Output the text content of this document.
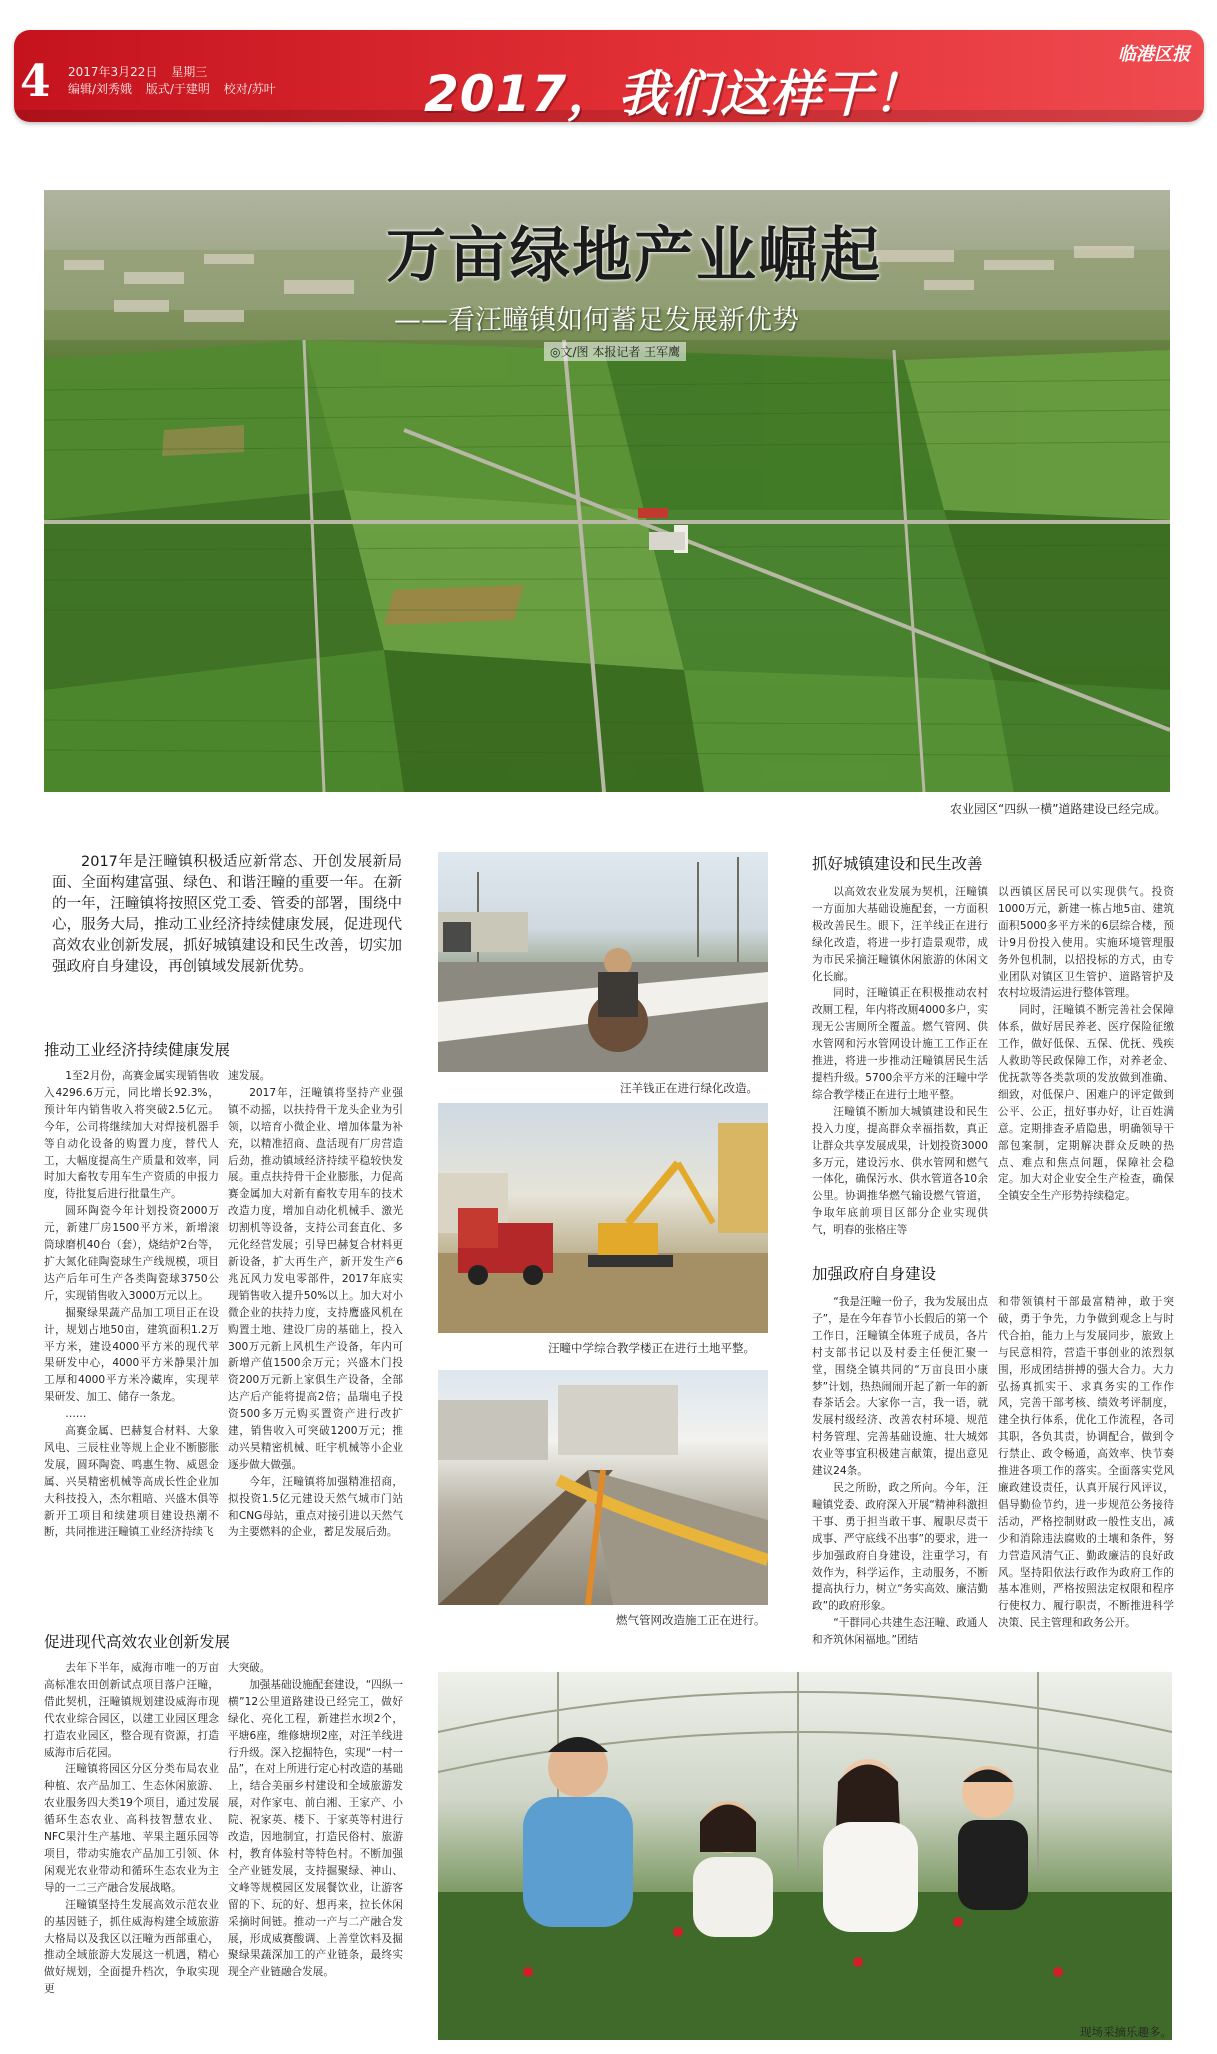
4 2017年3月22日 星期三
编辑/刘秀娥 版式/于建明 校对/苏叶	2017，我们这样干！
临港区报
万亩绿地产业崛起
——看汪疃镇如何蓄足发展新优势
◎文/图 本报记者 王军鹰
农业园区“四纵一横”道路建设已经完成。
2017年是汪疃镇积极适应新常态、开创发展新局面、全面构建富强、绿色、和谐汪疃的重要一年。在新的一年，汪疃镇将按照区党工委、管委的部署，围绕中心，服务大局，推动工业经济持续健康发展，促进现代高效农业创新发展，抓好城镇建设和民生改善，切实加强政府自身建设，再创镇域发展新优势。
推动工业经济持续健康发展

1至2月份，高赛金属实现销售收入4296.6万元，同比增长92.3%，预计年内销售收入将突破2.5亿元。今年，公司将继续加大对焊接机器手等自动化设备的购置力度，替代人工，大幅度提高生产质量和效率，同时加大畜牧专用车生产资质的申报力度，待批复后进行批量生产。

圆环陶瓷今年计划投资2000万元，新建厂房1500平方米，新增滚筒球磨机40台（套），烧结炉2台等，扩大氮化硅陶瓷球生产线规模，项目达产后年可生产各类陶瓷球3750公斤，实现销售收入3000万元以上。

掘聚绿果蔬产品加工项目正在设计，规划占地50亩，建筑面积1.2万平方米，建设4000平方米的现代苹果研发中心，4000平方米静果汁加工厚和4000平方米冷藏库，实现苹果研发、加工、储存一条龙。

……

高赛金属、巴赫复合材料、大象风电、三辰柱业等规上企业不断膨胀发展，圆环陶瓷、鸣惠生物、威恩金属、兴昊精密机械等高成长性企业加大科技投入，杰尔粗暗、兴盛木俱等新开工项目和续建项目建设热潮不断，共同推进汪疃镇工业经济持续飞

速发展。

2017年，汪疃镇将坚持产业强镇不动摇，以扶持骨干龙头企业为引领，以培育小微企业、增加体量为补充，以精准招商、盘活现有厂房营造后劲，推动镇域经济持续平稳较快发展。重点扶持骨干企业膨胀，力促高赛金属加大对新有畜牧专用车的技术改造力度，增加自动化机械手、激光切割机等设备，支持公司套直化、多元化经营发展；引导巴赫复合材料更新设备，扩大再生产，新开发生产6兆瓦风力发电零部件，2017年底实现销售收入提升50%以上。加大对小微企业的扶持力度，支持鹰盛风机在购置土地、建设厂房的基础上，投入300万元新上风机生产设备，年内可新增产值1500余万元；兴盛木门投资200万元新上家俱生产设备，全部达产后产能将提高2倍；晶瑞电子投资500多万元购买置资产进行改扩建，销售收入可突破1200万元；推动兴昊精密机械、旺宇机械等小企业逐步做大做强。

今年，汪疃镇将加强精准招商，拟投资1.5亿元建设天然气城市门站和CNG母站，重点对接引进以天然气为主要燃料的企业，蓄足发展后劲。

促进现代高效农业创新发展

去年下半年，威海市唯一的万亩高标准农田创新试点项目落户汪疃，借此契机，汪疃镇规划建设威海市现代农业综合园区，以建工业园区理念打造农业园区，整合现有资源，打造威海市后花园。

汪疃镇将园区分区分类布局农业种植、农产品加工、生态休闲旅游、农业服务四大类19个项目，通过发展循环生态农业、高科技智慧农业、NFC果汁生产基地、苹果主题乐园等项目，带动实施农产品加工引领、休闲观光农业带动和循环生态农业为主导的一二三产融合发展战略。

汪疃镇坚持生发展高效示范农业的基因链子，抓住威海构建全域旅游大格局以及我区以汪疃为西部重心，推动全域旅游大发展这一机遇，精心做好规划，全面提升档次，争取实现更

大突破。

加强基础设施配套建设，“四纵一横”12公里道路建设已经完工，做好绿化、亮化工程，新建拦水坝2个，平塘6座，维修塘坝2座，对汪羊线进行升级。深入挖掘特色，实现“一村一品”，在对上所进行定心村改造的基础上，结合美丽乡村建设和全域旅游发展，对作家屯、前白湘、王家产、小院、祝家英、楼下、于家英等村进行改造，因地制宜，打造民俗村、旅游村，教育体验村等特色村。不断加强全产业链发展，支持掘聚绿、神山、文峰等规模园区发展餐饮业，让游客留的下、玩的好、想再来，拉长休闲采摘时间链。推动一产与二产融合发展，形成威赛酸调、上善堂饮料及掘聚绿果蔬深加工的产业链条，最终实现全产业链融合发展。

汪羊钱正在进行绿化改造。
汪疃中学综合教学楼正在进行土地平整。
燃气管网改造施工正在进行。
抓好城镇建设和民生改善

以高效农业发展为契机，汪疃镇一方面加大基础设施配套，一方面积极改善民生。眼下，汪羊线正在进行绿化改造，将进一步打造景观带，成为市民采摘汪疃镇休闲旅游的休闲文化长廊。

同时，汪疃镇正在积极推动农村改厕工程，年内将改厕4000多户，实现无公害厕所全覆盖。燃气管网、供水管网和污水管网设计施工工作正在推进，将进一步推动汪疃镇居民生活提档升级。5700余平方米的汪疃中学综合教学楼正在进行土地平整。

汪疃镇不断加大城镇建设和民生投入力度，提高群众幸福指数，真正让群众共享发展成果，计划投资3000多万元，建设污水、供水管网和燃气一体化，确保污水、供水管道各10余公里。协调推华燃气输设燃气管道，争取年底前项目区部分企业实现供气，明春的张格庄等

以西镇区居民可以实现供气。投资1000万元，新建一栋占地5亩、建筑面积5000多平方米的6层综合楼，预计9月份投入使用。实施环境管理服务外包机制，以招投标的方式，由专业团队对镇区卫生管护、道路管护及农村垃圾清运进行整体管理。

同时，汪疃镇不断完善社会保障体系，做好居民养老、医疗保险征缴工作，做好低保、五保、优抚、残疾人救助等民政保障工作，对养老金、优抚款等各类款项的发放做到准确、细致，对低保户、困难户的评定做到公平、公正，扭好事办好，让百姓满意。定期排查矛盾隐患，明确领导干部包案制，定期解决群众反映的热点、难点和焦点问题，保障社会稳定。加大对企业安全生产检查，确保全镇安全生产形势持续稳定。

加强政府自身建设

“我是汪疃一份子，我为发展出点子”，是在今年春节小长假后的第一个工作日，汪疃镇全体班子成员，各片村支部书记以及村委主任便汇聚一堂，围绕全镇共同的“万亩良田小康梦”计划，热热闹闹开起了新一年的新春茶话会。大家你一言，我一语，就发展村级经济、改善农村环境、规范村务管理、完善基础设施、壮大城郊农业等事宜积极建言献策，提出意见建议24条。

民之所盼，政之所向。今年，汪疃镇党委、政府深入开展“精神科激担干事、勇于担当敢干事、履职尽责干成事、严守底线不出事”的要求，进一步加强政府自身建设，注重学习，有效作为，科学运作，主动服务，不断提高执行力，树立“务实高效、廉洁勤政”的政府形象。

“干群同心共建生态汪疃、政通人和齐筑休闲福地。”团结

和带领镇村干部最富精神，敢于突破，勇于争先，力争做到观念上与时代合拍，能力上与发展同步，旅致上与民意相符，营造干事创业的浓烈氛围，形成团结拼搏的强大合力。大力弘扬真抓实干、求真务实的工作作风，完善干部考核、绩效考评制度，建全执行体系，优化工作流程，各司其职，各负其责，协调配合，做到令行禁止、政令畅通，高效率、快节奏推进各项工作的落实。全面落实党风廉政建设责任，认真开展行风评议，倡导勤俭节约，进一步规范公务接待活动，严格控制财政一般性支出，减少和消除违法腐败的土壤和条件，努力营造风清气正、勤政廉洁的良好政风。坚持阳依法行政作为政府工作的基本准则，严格按照法定权限和程序行使权力、履行职责，不断推进科学决策、民主管理和政务公开。

现场采摘乐趣多。
